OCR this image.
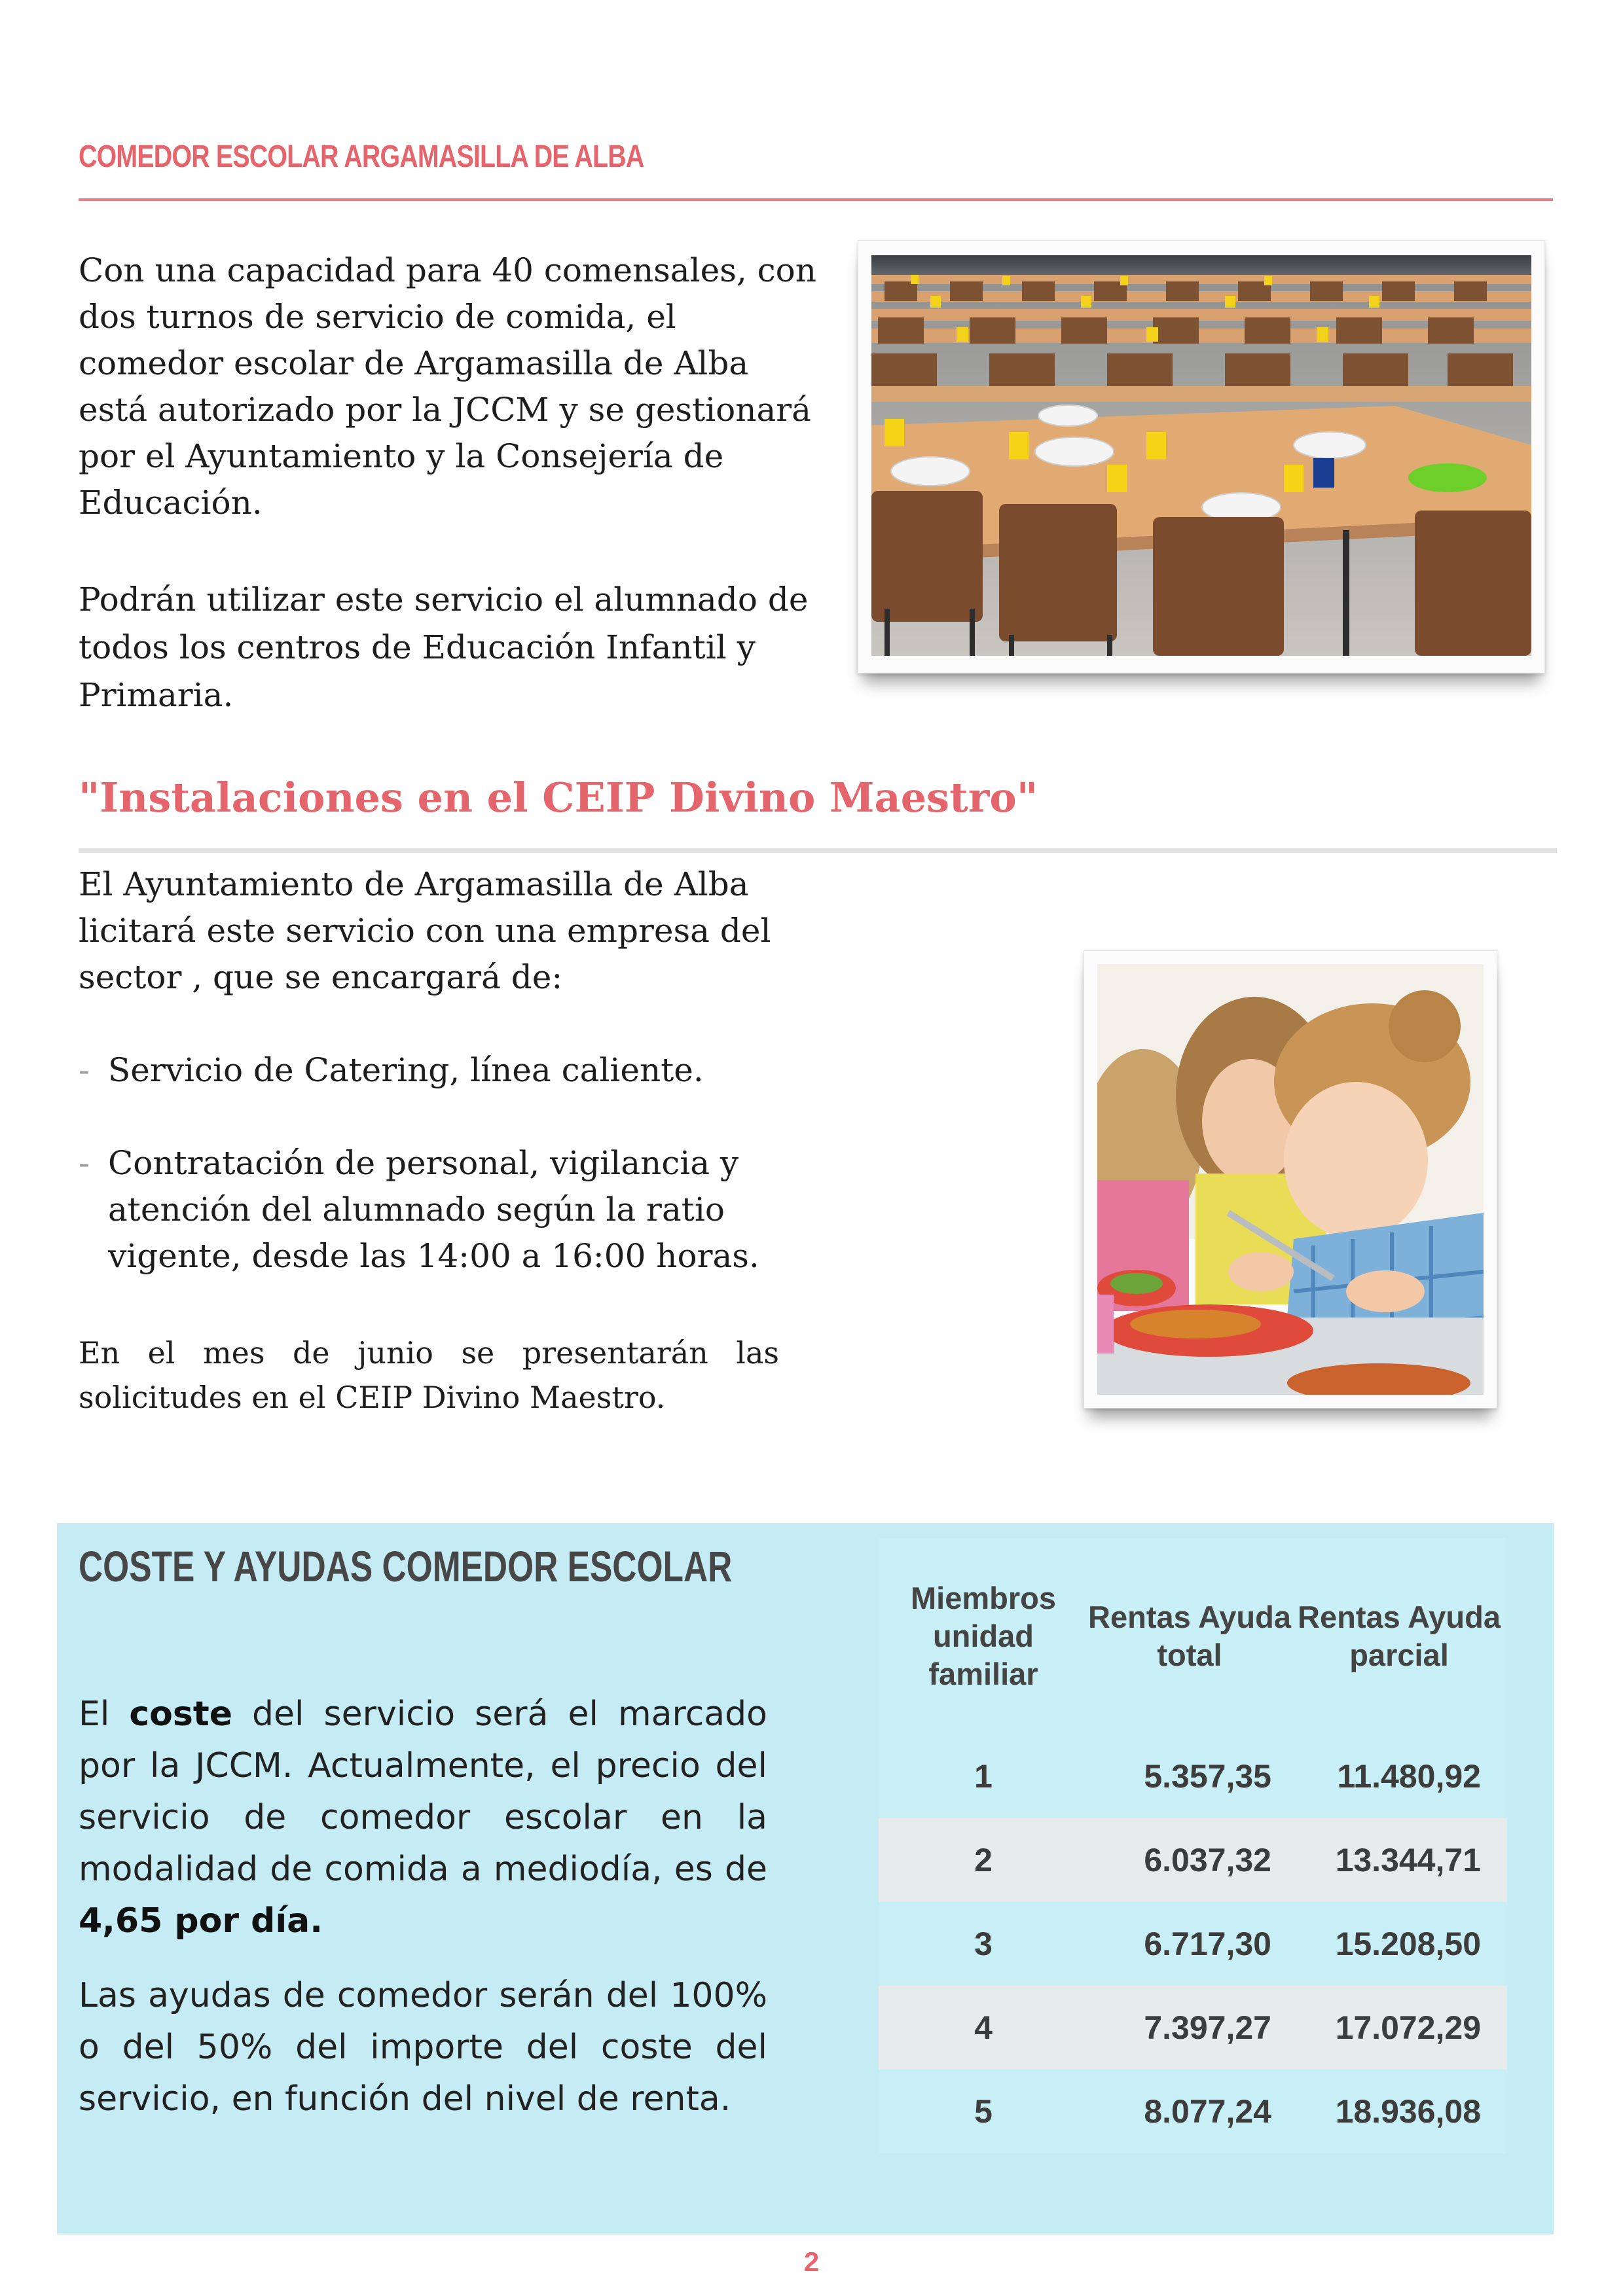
COMEDOR ESCOLAR ARGAMASILLA DE ALBA
Con una capacidad para 40 comensales, con dos turnos de servicio de comida, el comedor escolar de Argamasilla de Alba está autorizado por la JCCM y se gestionará por el Ayuntamiento y la Consejería de Educación.
Podrán utilizar este servicio el alumnado de todos los centros de Educación Infantil y Primaria.
"Instalaciones en el CEIP Divino Maestro"
El Ayuntamiento de Argamasilla de Alba licitará este servicio con una empresa del sector , que se encargará de:
- Servicio de Catering, línea caliente.
- Contratación de personal, vigilancia y atención del alumnado según la ratio vigente, desde las 14:00 a 16:00 horas.
En el mes de junio se presentarán las solicitudes en el CEIP Divino Maestro.
COSTE Y AYUDAS COMEDOR ESCOLAR
El coste del servicio será el marcado por la JCCM. Actualmente, el precio del servicio de comedor escolar en la modalidad de comida a mediodía, es de 4,65 por día.
Las ayudas de comedor serán del 100% o del 50% del importe del coste del servicio, en función del nivel de renta.
Miembros unidad familiar	Rentas Ayuda total	Rentas Ayuda parcial
1	5.357,35	11.480,92
2	6.037,32	13.344,71
3	6.717,30	15.208,50
4	7.397,27	17.072,29
5	8.077,24	18.936,08
2
